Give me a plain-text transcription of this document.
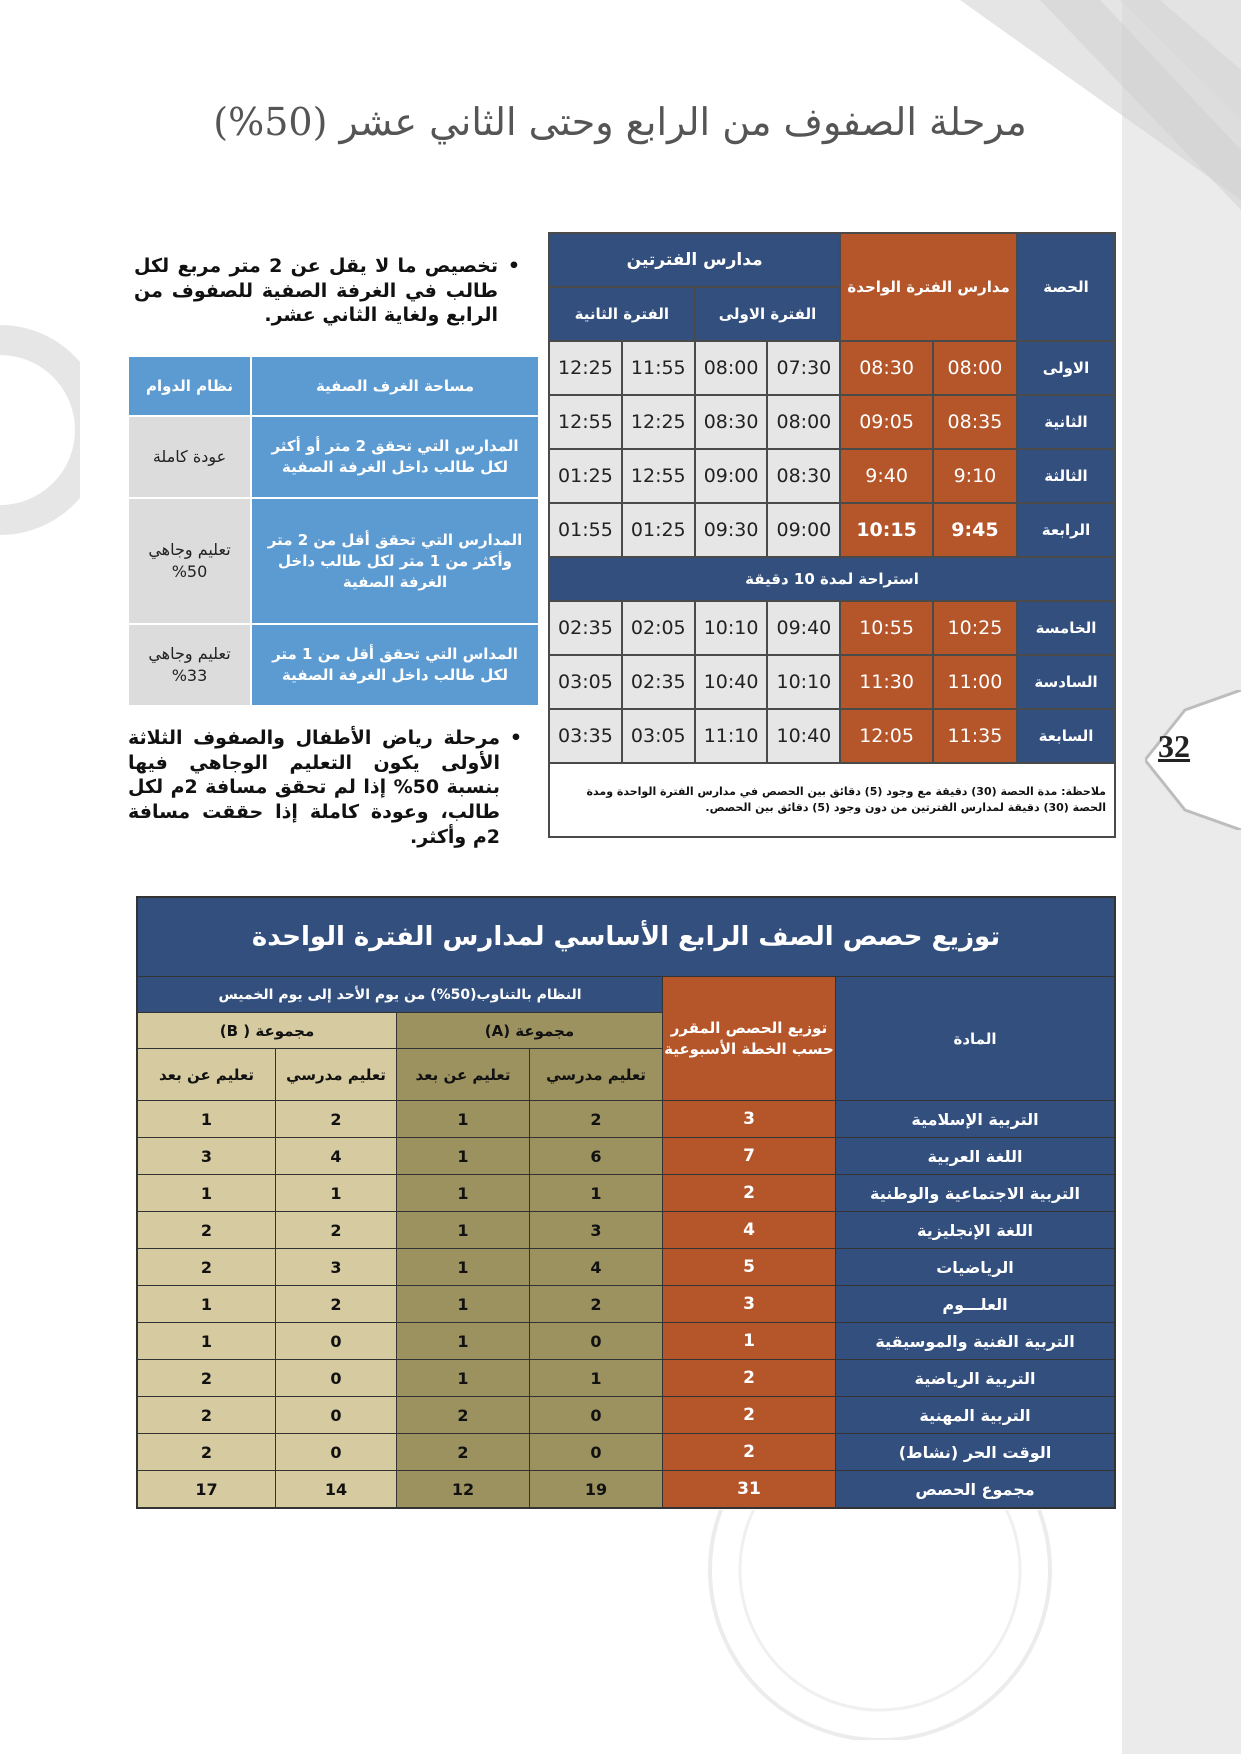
مرحلة الصفوف من الرابع وحتى الثاني عشر (50%)
32
الحصة	مدارس الفترة الواحدة		مدارس الفترتين			
			الفترة الاولى		الفترة الثانية	
الاولى	08:00	08:30	07:30	08:00	11:55	12:25
الثانية	08:35	09:05	08:00	08:30	12:25	12:55
الثالثة	9:10	9:40	08:30	09:00	12:55	01:25
الرابعة	9:45	10:15	09:00	09:30	01:25	01:55
استراحة لمدة 10 دقيقة						
الخامسة	10:25	10:55	09:40	10:10	02:05	02:35
السادسة	11:00	11:30	10:10	10:40	02:35	03:05
السابعة	11:35	12:05	10:40	11:10	03:05	03:35
ملاحظة: مدة الحصة (30) دقيقة مع وجود (5) دقائق بين الحصص في مدارس الفترة الواحدة ومدة الحصة (30) دقيقة لمدارس الفترتين من دون وجود (5) دقائق بين الحصص.						
•
تخصيص ما لا يقل عن 2 متر مربع لكل طالب في الغرفة الصفية للصفوف من الرابع ولغاية الثاني عشر.
مساحة الغرف الصفية	نظام الدوام
المدارس التي تحقق 2 متر أو أكثر لكل طالب داخل الغرفة الصفية	عودة كاملة
المدارس التي تحقق أقل من 2 متر وأكثر من 1 متر لكل طالب داخل الغرفة الصفية	تعليم وجاهي 50%
المداس التي تحقق أقل من 1 متر لكل طالب داخل الغرفة الصفية	تعليم وجاهي 33%
•
مرحلة رياض الأطفال والصفوف الثلاثة الأولى يكون التعليم الوجاهي فيها بنسبة 50% إذا لم تحقق مسافة 2م لكل طالب، وعودة كاملة إذا حققت مسافة 2م وأكثر.
توزيع حصص الصف الرابع الأساسي لمدارس الفترة الواحدة					
المادة	توزيع الحصص المقرر حسب الخطة الأسبوعية	النظام بالتناوب(50%) من يوم الأحد إلى يوم الخميس			
		مجموعة (A)		مجموعة ( B)	
		تعليم مدرسي	تعليم عن بعد	تعليم مدرسي	تعليم عن بعد
التربية الإسلامية	3	2	1	2	1
اللغة العربية	7	6	1	4	3
التربية الاجتماعية والوطنية	2	1	1	1	1
اللغة الإنجليزية	4	3	1	2	2
الرياضيات	5	4	1	3	2
العلـــوم	3	2	1	2	1
التربية الفنية والموسيقية	1	0	1	0	1
التربية الرياضية	2	1	1	0	2
التربية المهنية	2	0	2	0	2
الوقت الحر (نشاط)	2	0	2	0	2
مجموع الحصص	31	19	12	14	17
